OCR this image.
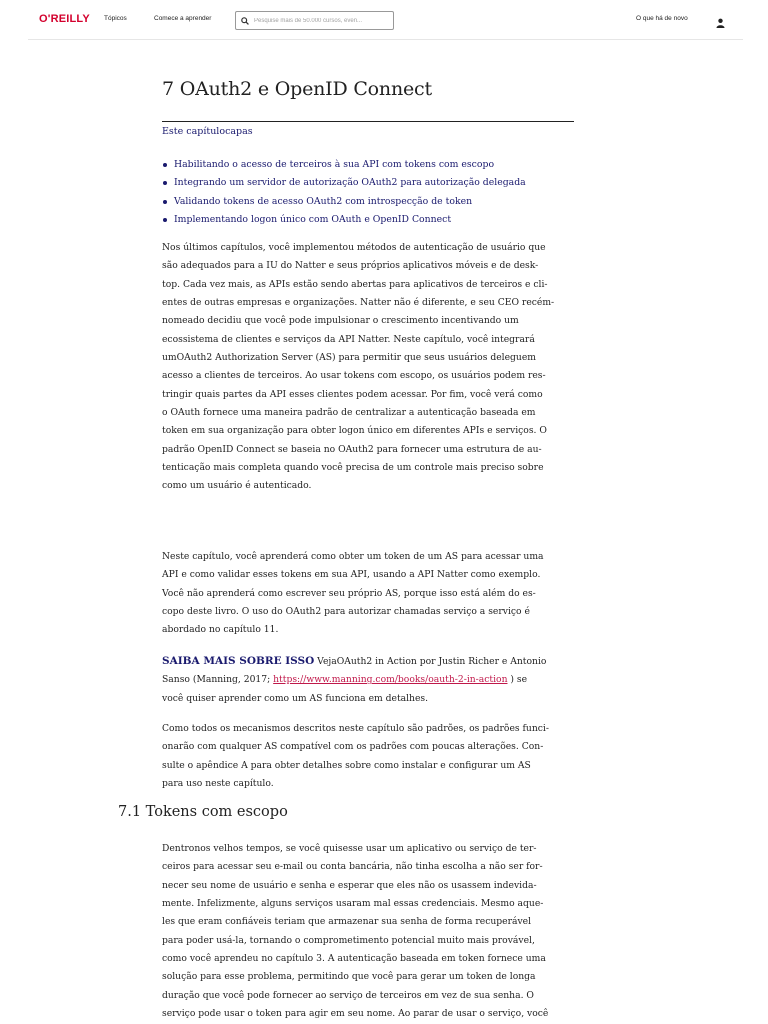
O'REILLY Tópicos	Comece a aprender
Pesquise mais de 50.000 cursos, even...	O que há de novo
7 OAuth2 e OpenID Connect
Este capítulocapas
Habilitando o acesso de terceiros à sua API com tokens com escopo
Integrando um servidor de autorização OAuth2 para autorização delegada
Validando tokens de acesso OAuth2 com introspecção de token
Implementando logon único com OAuth e OpenID Connect
Nos últimos capítulos, você implementou métodos de autenticação de usuário que
são adequados para a IU do Natter e seus próprios aplicativos móveis e de desk-
top. Cada vez mais, as APIs estão sendo abertas para aplicativos de terceiros e cli-
entes de outras empresas e organizações. Natter não é diferente, e seu CEO recém-
nomeado decidiu que você pode impulsionar o crescimento incentivando um
ecossistema de clientes e serviços da API Natter. Neste capítulo, você integrará
umOAuth2 Authorization Server (AS) para permitir que seus usuários deleguem
acesso a clientes de terceiros. Ao usar tokens com escopo, os usuários podem res-
tringir quais partes da API esses clientes podem acessar. Por fim, você verá como
o OAuth fornece uma maneira padrão de centralizar a autenticação baseada em
token em sua organização para obter logon único em diferentes APIs e serviços. O
padrão OpenID Connect se baseia no OAuth2 para fornecer uma estrutura de au-
tenticação mais completa quando você precisa de um controle mais preciso sobre
como um usuário é autenticado.
Neste capítulo, você aprenderá como obter um token de um AS para acessar uma
API e como validar esses tokens em sua API, usando a API Natter como exemplo.
Você não aprenderá como escrever seu próprio AS, porque isso está além do es-
copo deste livro. O uso do OAuth2 para autorizar chamadas serviço a serviço é
abordado no capítulo 11.
SAIBA MAIS SOBRE ISSO VejaOAuth2 in Action por Justin Richer e Antonio
Sanso (Manning, 2017; https://www.manning.com/books/oauth-2-in-action ) se
você quiser aprender como um AS funciona em detalhes.
Como todos os mecanismos descritos neste capítulo são padrões, os padrões funci-
onarão com qualquer AS compatível com os padrões com poucas alterações. Con-
sulte o apêndice A para obter detalhes sobre como instalar e configurar um AS
para uso neste capítulo.
7.1 Tokens com escopo
Dentronos velhos tempos, se você quisesse usar um aplicativo ou serviço de ter-
ceiros para acessar seu e-mail ou conta bancária, não tinha escolha a não ser for-
necer seu nome de usuário e senha e esperar que eles não os usassem indevida-
mente. Infelizmente, alguns serviços usaram mal essas credenciais. Mesmo aque-
les que eram confiáveis teriam que armazenar sua senha de forma recuperável
para poder usá-la, tornando o comprometimento potencial muito mais provável,
como você aprendeu no capítulo 3. A autenticação baseada em token fornece uma
solução para esse problema, permitindo que você para gerar um token de longa
duração que você pode fornecer ao serviço de terceiros em vez de sua senha. O
serviço pode usar o token para agir em seu nome. Ao parar de usar o serviço, você
